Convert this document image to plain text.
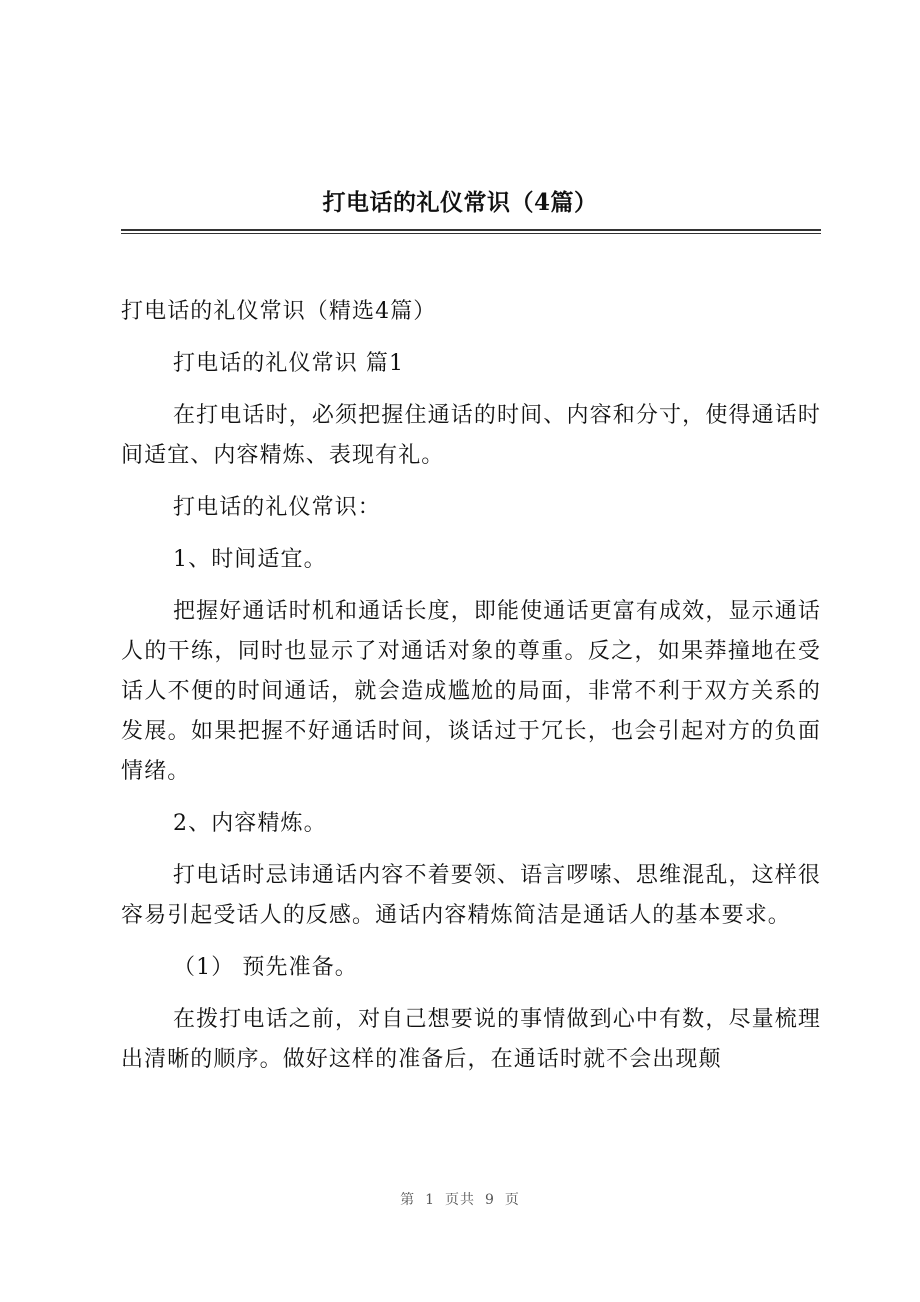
打电话的礼仪常识（4篇）

打电话的礼仪常识（精选4篇）

打电话的礼仪常识 篇1

在打电话时，必须把握住通话的时间、内容和分寸，使得通话时间适宜、内容精炼、表现有礼。

打电话的礼仪常识：

1、时间适宜。

把握好通话时机和通话长度，即能使通话更富有成效，显示通话人的干练，同时也显示了对通话对象的尊重。反之，如果莽撞地在受话人不便的时间通话，就会造成尴尬的局面，非常不利于双方关系的发展。如果把握不好通话时间，谈话过于冗长，也会引起对方的负面情绪。

2、内容精炼。

打电话时忌讳通话内容不着要领、语言啰嗦、思维混乱，这样很容易引起受话人的反感。通话内容精炼简洁是通话人的基本要求。

（1） 预先准备。

在拨打电话之前，对自己想要说的事情做到心中有数，尽量梳理出清晰的顺序。做好这样的准备后，在通话时就不会出现颠

第 1 页共 9 页
